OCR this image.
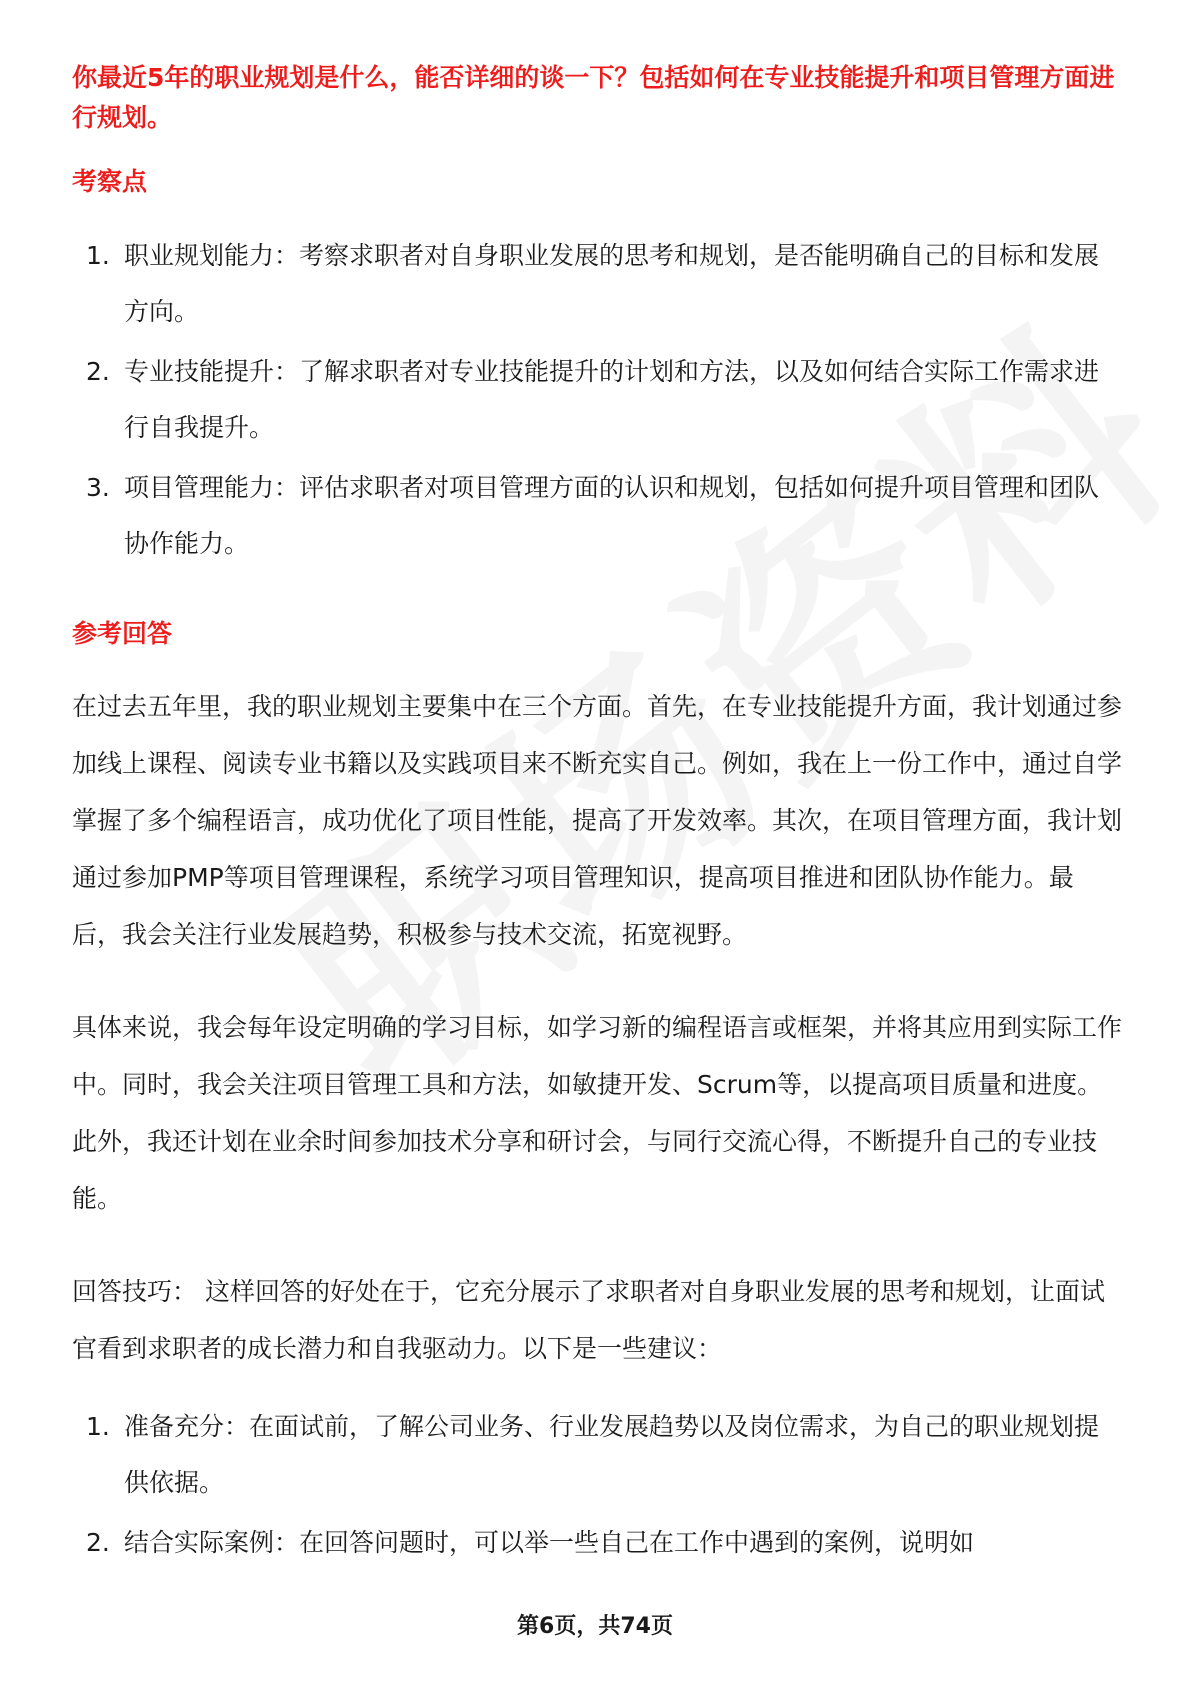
你最近5年的职业规划是什么，能否详细的谈一下？包括如何在专业技能提升和项目管理方面进行规划。

考察点
1. 职业规划能力：考察求职者对自身职业发展的思考和规划，是否能明确自己的目标和发展方向。
2. 专业技能提升：了解求职者对专业技能提升的计划和方法，以及如何结合实际工作需求进行自我提升。
3. 项目管理能力：评估求职者对项目管理方面的认识和规划，包括如何提升项目管理和团队协作能力。
参考回答

在过去五年里，我的职业规划主要集中在三个方面。首先，在专业技能提升方面，我计划通过参加线上课程、阅读专业书籍以及实践项目来不断充实自己。例如，我在上一份工作中，通过自学掌握了多个编程语言，成功优化了项目性能，提高了开发效率。其次，在项目管理方面，我计划通过参加PMP等项目管理课程，系统学习项目管理知识，提高项目推进和团队协作能力。最后，我会关注行业发展趋势，积极参与技术交流，拓宽视野。

具体来说，我会每年设定明确的学习目标，如学习新的编程语言或框架，并将其应用到实际工作中。同时，我会关注项目管理工具和方法，如敏捷开发、Scrum等，以提高项目质量和进度。此外，我还计划在业余时间参加技术分享和研讨会，与同行交流心得，不断提升自己的专业技能。

回答技巧： 这样回答的好处在于，它充分展示了求职者对自身职业发展的思考和规划，让面试官看到求职者的成长潜力和自我驱动力。以下是一些建议：

1. 准备充分：在面试前，了解公司业务、行业发展趋势以及岗位需求，为自己的职业规划提供依据。
2. 结合实际案例：在回答问题时，可以举一些自己在工作中遇到的案例，说明如
第6页，共74页
